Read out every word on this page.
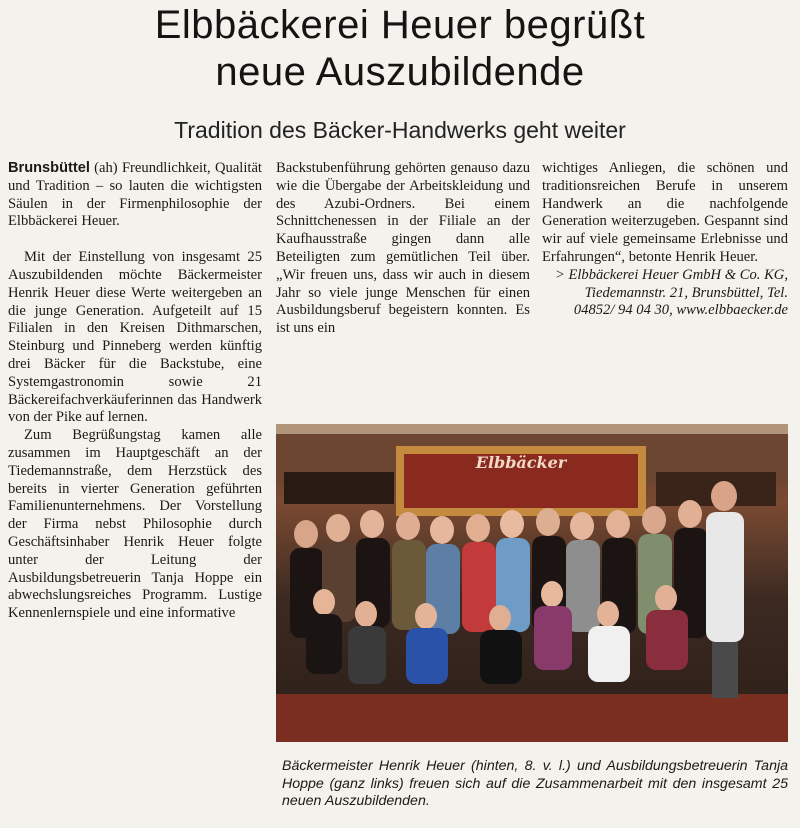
Elbbäckerei Heuer begrüßt
neue Auszubildende
Tradition des Bäcker-Handwerks geht weiter

Brunsbüttel (ah) Freundlichkeit, Qualität und Tradition – so lauten die wichtigsten Säulen in der Firmenphilosophie der Elbbäckerei Heuer.

Mit der Einstellung von insgesamt 25 Auszubildenden möchte Bäckermeister Henrik Heuer diese Werte weitergeben an die junge Generation. Aufgeteilt auf 15 Filialen in den Kreisen Dithmarschen, Steinburg und Pinneberg werden künftig drei Bäcker für die Backstube, eine Systemgastronomin sowie 21 Bäckereifachverkäuferinnen das Handwerk von der Pike auf lernen.

Zum Begrüßungstag kamen alle zusammen im Hauptgeschäft an der Tiedemannstraße, dem Herzstück des bereits in vierter Generation geführten Familienunternehmens. Der Vorstellung der Firma nebst Philosophie durch Geschäftsinhaber Henrik Heuer folgte unter der Leitung der Ausbildungsbetreuerin Tanja Hoppe ein abwechslungsreiches Programm. Lustige Kennenlernspiele und eine informative

Backstubenführung gehörten genauso dazu wie die Übergabe der Arbeitskleidung und des Azubi-Ordners. Bei einem Schnittchenessen in der Filiale an der Kaufhausstraße gingen dann alle Beteiligten zum gemütlichen Teil über. „Wir freuen uns, dass wir auch in diesem Jahr so viele junge Menschen für einen Ausbildungsberuf begeistern konnten. Es ist uns ein

wichtiges Anliegen, die schönen und traditionsreichen Berufe in unserem Handwerk an die nachfolgende Generation weiterzugeben. Gespannt sind wir auf viele gemeinsame Erlebnisse und Erfahrungen“, betonte Henrik Heuer.

> Elbbäckerei Heuer GmbH & Co. KG, Tiedemannstr. 21, Brunsbüttel, Tel. 04852/ 94 04 30, www.elbbaecker.de

Elbbäcker

Bäckermeister Henrik Heuer (hinten, 8. v. l.) und Ausbildungsbetreuerin Tanja Hoppe (ganz links) freuen sich auf die Zusammenarbeit mit den insgesamt 25 neuen Auszubildenden.
